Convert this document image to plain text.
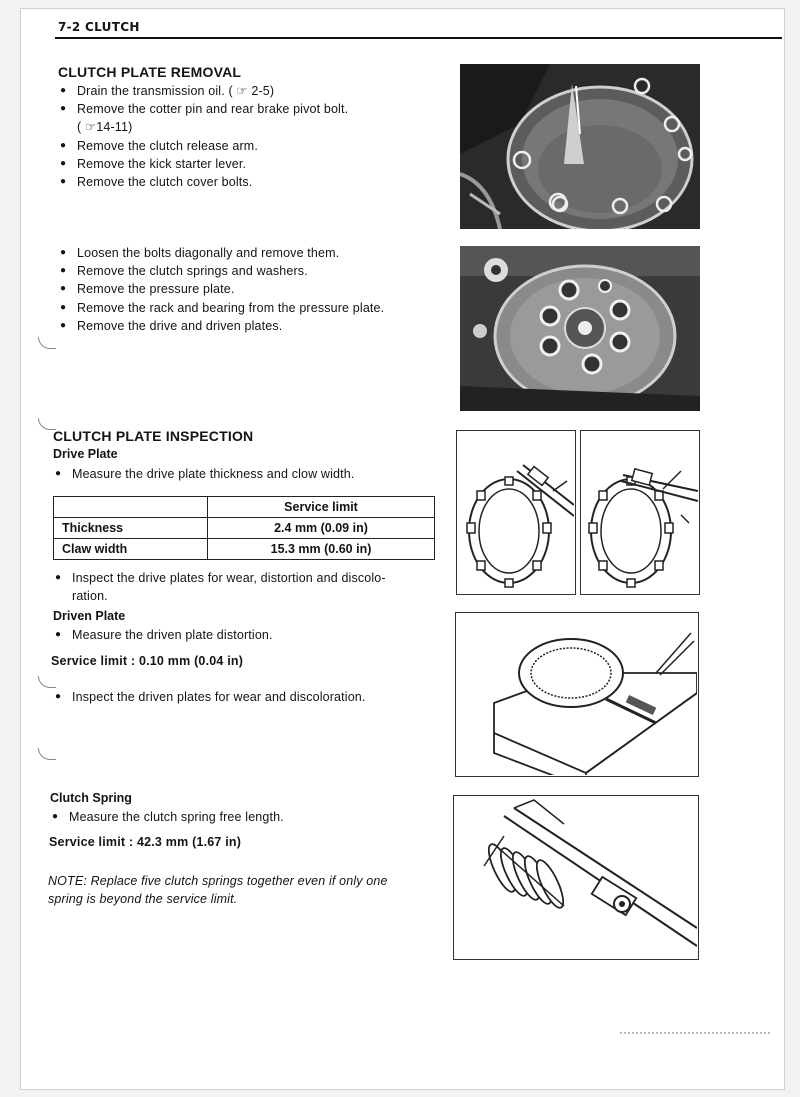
7-2 CLUTCH
CLUTCH PLATE REMOVAL
● Drain the transmission oil. ( ☞ 2-5)
● Remove the cotter pin and rear brake pivot bolt.
( ☞14-11)
● Remove the clutch release arm.
● Remove the kick starter lever.
● Remove the clutch cover bolts.
● Loosen the bolts diagonally and remove them.
● Remove the clutch springs and washers.
● Remove the pressure plate.
● Remove the rack and bearing from the pressure plate.
● Remove the drive and driven plates.
CLUTCH PLATE INSPECTION
Drive Plate
● Measure the drive plate thickness and clow width.
	Service limit
Thickness	2.4 mm (0.09 in)
Claw width	15.3 mm (0.60 in)
● Inspect the drive plates for wear, distortion and discolo-
ration.
Driven Plate
● Measure the driven plate distortion.
Service limit : 0.10 mm (0.04 in)
● Inspect the driven plates for wear and discoloration.
Clutch Spring
● Measure the clutch spring free length.
Service limit : 42.3 mm (1.67 in)
NOTE: Replace five clutch springs together even if only one
spring is beyond the service limit.
